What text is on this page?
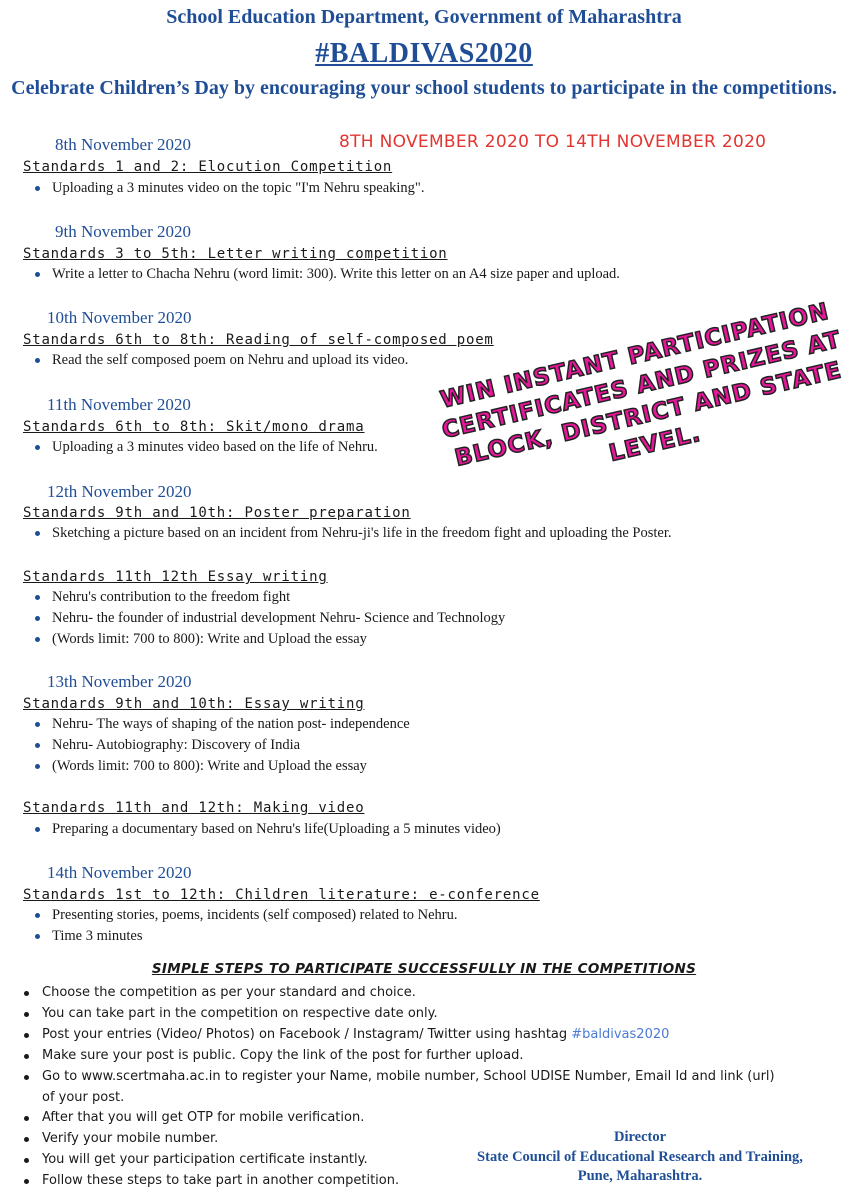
School Education Department, Government of Maharashtra
#BALDIVAS2020
Celebrate Children’s Day by encouraging your school students to participate in the competitions.
8TH NOVEMBER 2020 TO 14TH NOVEMBER 2020
8th November 2020
Standards 1 and 2: Elocution Competition
Uploading a 3 minutes video on the topic "I'm Nehru speaking".
9th November 2020
Standards 3 to 5th: Letter writing competition
Write a letter to Chacha Nehru (word limit: 300). Write this letter on an A4 size paper and upload.
10th November 2020
Standards 6th to 8th: Reading of self-composed poem
Read the self composed poem on Nehru and upload its video.
11th November 2020
Standards 6th to 8th: Skit/mono drama
Uploading a 3 minutes video based on the life of Nehru.
12th November 2020
Standards 9th and 10th: Poster preparation
Sketching a picture based on an incident from Nehru-ji's life in the freedom fight and uploading the Poster.
Standards 11th 12th Essay writing
Nehru's contribution to the freedom fight
Nehru- the founder of industrial development Nehru- Science and Technology
(Words limit: 700 to 800): Write and Upload the essay
13th November 2020
Standards 9th and 10th: Essay writing
Nehru- The ways of shaping of the nation post- independence
Nehru- Autobiography: Discovery of India
(Words limit: 700 to 800): Write and Upload the essay
Standards 11th and 12th: Making video
Preparing a documentary based on Nehru's life(Uploading a 5 minutes video)
14th November 2020
Standards 1st to 12th: Children literature: e-conference
Presenting stories, poems, incidents (self composed) related to Nehru.
Time 3 minutes
WIN INSTANT PARTICIPATION CERTIFICATES AND PRIZES AT BLOCK, DISTRICT AND STATE LEVEL.
SIMPLE STEPS TO PARTICIPATE SUCCESSFULLY IN THE COMPETITIONS
Choose the competition as per your standard and choice.
You can take part in the competition on respective date only.
Post your entries (Video/ Photos) on Facebook / Instagram/ Twitter using hashtag #baldivas2020
Make sure your post is public. Copy the link of the post for further upload.
Go to www.scertmaha.ac.in to register your Name, mobile number, School UDISE Number, Email Id and link (url) of your post.
After that you will get OTP for mobile verification.
Verify your mobile number.
You will get your participation certificate instantly.
Follow these steps to take part in another competition.
Director
State Council of Educational Research and Training,
Pune, Maharashtra.
